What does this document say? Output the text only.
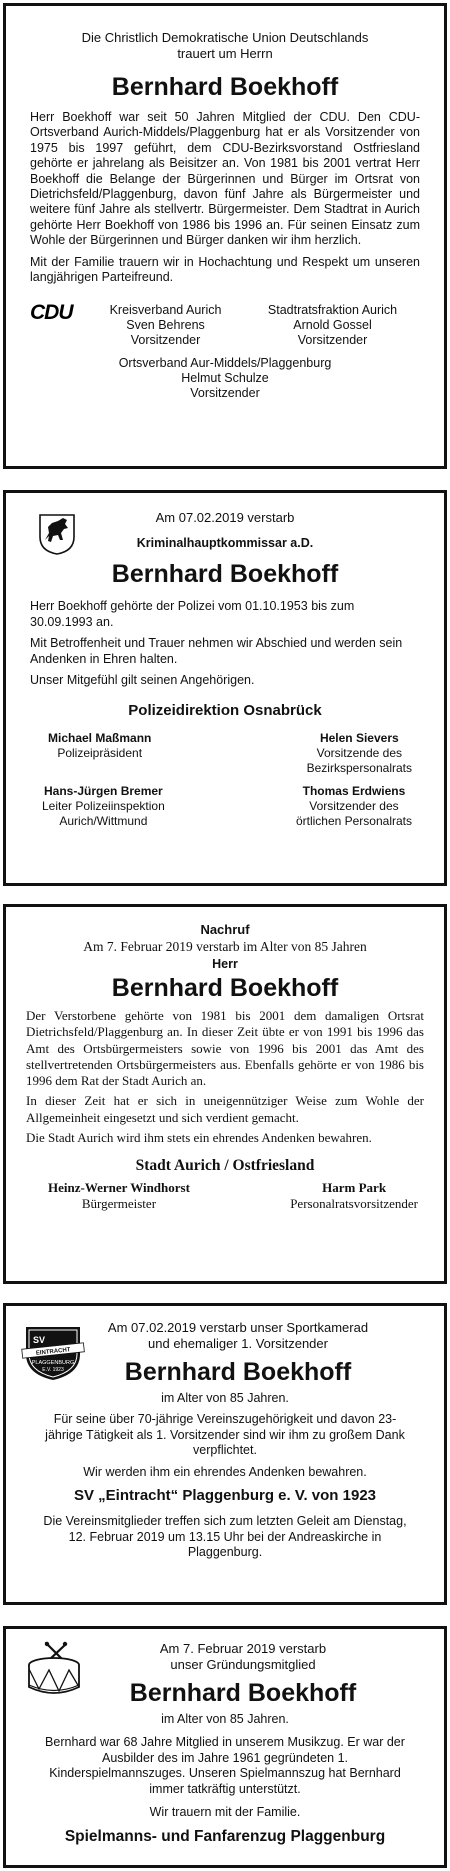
Die Christlich Demokratische Union Deutschlands

trauert um Herrn

Bernhard Boekhoff

Herr Boekhoff war seit 50 Jahren Mitglied der CDU. Den CDU-Ortsverband Aurich-Middels/Plaggenburg hat er als Vorsitzender von 1975 bis 1997 geführt, dem CDU-Bezirksvorstand Ostfriesland gehörte er jahrelang als Beisitzer an. Von 1981 bis 2001 vertrat Herr Boekhoff die Belange der Bürgerinnen und Bürger im Ortsrat von Dietrichsfeld/Plaggenburg, davon fünf Jahre als Bürgermeister und weitere fünf Jahre als stellvertr. Bürgermeister. Dem Stadtrat in Aurich gehörte Herr Boekhoff von 1986 bis 1996 an. Für seinen Einsatz zum Wohle der Bürgerinnen und Bürger danken wir ihm herzlich.

Mit der Familie trauern wir in Hochachtung und Respekt um unseren langjährigen Parteifreund.

CDU	Kreisverband Aurich
Sven Behrens
Vorsitzender
Stadtratsfraktion Aurich
Arnold Gossel
Vorsitzender
Ortsverband Aur-Middels/Plaggenburg
Helmut Schulze
Vorsitzender

Am 07.02.2019 verstarb

Kriminalhauptkommissar a.D.

Bernhard Boekhoff

Herr Boekhoff gehörte der Polizei vom 01.10.1953 bis zum 30.09.1993 an.

Mit Betroffenheit und Trauer nehmen wir Abschied und werden sein Andenken in Ehren halten.

Unser Mitgefühl gilt seinen Angehörigen.

Polizeidirektion Osnabrück

Michael Maßmann
Polizeipräsident
Helen Sievers
Vorsitzende des
Bezirkspersonalrats
Hans-Jürgen Bremer
Leiter Polizeiinspektion
Aurich/Wittmund
Thomas Erdwiens
Vorsitzender des
örtlichen Personalrats

Nachruf

Am 7. Februar 2019 verstarb im Alter von 85 Jahren

Herr

Bernhard Boekhoff

Der Verstorbene gehörte von 1981 bis 2001 dem damaligen Ortsrat Dietrichsfeld/Plaggenburg an. In dieser Zeit übte er von 1991 bis 1996 das Amt des Ortsbürgermeisters sowie von 1996 bis 2001 das Amt des stellvertretenden Ortsbürgermeisters aus. Ebenfalls gehörte er von 1986 bis 1996 dem Rat der Stadt Aurich an.

In dieser Zeit hat er sich in uneigennütziger Weise zum Wohle der Allgemeinheit eingesetzt und sich verdient gemacht.

Die Stadt Aurich wird ihm stets ein ehrendes Andenken bewahren.

Stadt Aurich / Ostfriesland

Heinz-Werner Windhorst
Bürgermeister
Harm Park
Personalratsvorsitzender
SV
EINTRACHT
PLAGGENBURG
E.V. 1923

Am 07.02.2019 verstarb unser Sportkamerad

und ehemaliger 1. Vorsitzender

Bernhard Boekhoff

im Alter von 85 Jahren.

Für seine über 70-jährige Vereinszugehörigkeit und davon 23-jährige Tätigkeit als 1. Vorsitzender sind wir ihm zu großem Dank verpflichtet.

Wir werden ihm ein ehrendes Andenken bewahren.

SV „Eintracht“ Plaggenburg e. V. von 1923

Die Vereinsmitglieder treffen sich zum letzten Geleit am Dienstag, 12. Februar 2019 um 13.15 Uhr bei der Andreaskirche in Plaggenburg.

Am 7. Februar 2019 verstarb

unser Gründungsmitglied

Bernhard Boekhoff

im Alter von 85 Jahren.

Bernhard war 68 Jahre Mitglied in unserem Musikzug. Er war der Ausbilder des im Jahre 1961 gegründeten 1. Kinderspielmannszuges. Unseren Spielmannszug hat Bernhard immer tatkräftig unterstützt.

Wir trauern mit der Familie.

Spielmanns- und Fanfarenzug Plaggenburg
